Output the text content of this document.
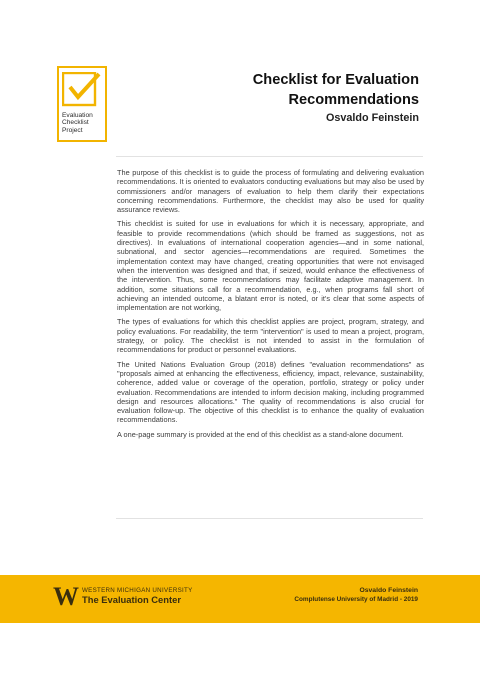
Evaluation
Checklist
Project
Checklist for Evaluation
Recommendations
Osvaldo Feinstein

The purpose of this checklist is to guide the process of formulating and delivering evaluation recommendations. It is oriented to evaluators conducting evaluations but may also be used by commissioners and/or managers of evaluation to help them clarify their expectations concerning recommendations. Furthermore, the checklist may also be used for quality assurance reviews.

This checklist is suited for use in evaluations for which it is necessary, appropriate, and feasible to provide recommendations (which should be framed as suggestions, not as directives). In evaluations of international cooperation agencies—and in some national, subnational, and sector agencies—recommendations are required. Sometimes the implementation context may have changed, creating opportunities that were not envisaged when the intervention was designed and that, if seized, would enhance the effectiveness of the intervention. Thus, some recommendations may facilitate adaptive management. In addition, some situations call for a recommendation, e.g., when programs fall short of achieving an intended outcome, a blatant error is noted, or it's clear that some aspects of implementation are not working,

The types of evaluations for which this checklist applies are project, program, strategy, and policy evaluations. For readability, the term "intervention" is used to mean a project, program, strategy, or policy. The checklist is not intended to assist in the formulation of recommendations for product or personnel evaluations.

The United Nations Evaluation Group (2018) defines "evaluation recommendations" as "proposals aimed at enhancing the effectiveness, efficiency, impact, relevance, sustainability, coherence, added value or coverage of the operation, portfolio, strategy or policy under evaluation. Recommendations are intended to inform decision making, including programmed design and resources allocations." The quality of recommendations is also crucial for evaluation follow-up. The objective of this checklist is to enhance the quality of evaluation recommendations.

A one-page summary is provided at the end of this checklist as a stand-alone document.

W WESTERN MICHIGAN UNIVERSITY
The Evaluation Center
Osvaldo Feinstein
Complutense University of Madrid - 2019
